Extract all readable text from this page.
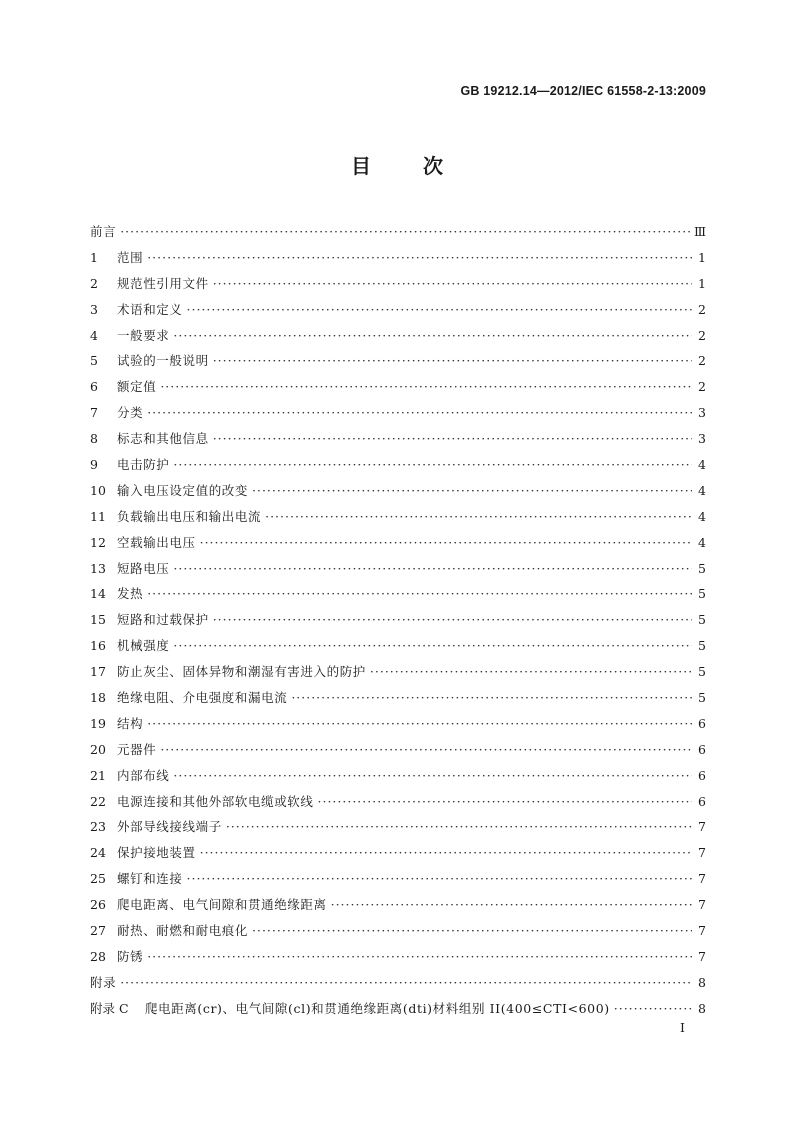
GB 19212.14—2012/IEC 61558-2-13:2009
目	次
前言 ·····	Ⅲ
1	范围 ·····	1
2	规范性引用文件 ·····	1
3	术语和定义 ·····	2
4	一般要求 ·····	2
5	试验的一般说明 ·····	2
6	额定值 ·····	2
7	分类 ·····	3
8	标志和其他信息 ·····	3
9	电击防护 ·····	4
10 输入电压设定值的改变 ·····	4
11 负载输出电压和输出电流 ·····	4
12 空载输出电压 ·····	4
13 短路电压 ·····	5
14 发热 ·····	5
15 短路和过载保护 ·····	5
16 机械强度 ·····	5
17 防止灰尘、固体异物和潮湿有害进入的防护 ·····	5
18 绝缘电阻、介电强度和漏电流 ·····	5
19 结构 ·····	6
20 元器件 ·····	6
21 内部布线 ·····	6
22 电源连接和其他外部软电缆或软线 ·····	6
23 外部导线接线端子 ·····	7
24 保护接地装置 ·····	7
25 螺钉和连接 ·····	7
26 爬电距离、电气间隙和贯通绝缘距离 ·····	7
27 耐热、耐燃和耐电痕化 ·····	7
28 防锈 ·····	7
附录 ·····	8
附录 C	爬电距离(cr)、电气间隙(cl)和贯通绝缘距离(dti)材料组别 II(400≤CTI<600) ·····	8
I
